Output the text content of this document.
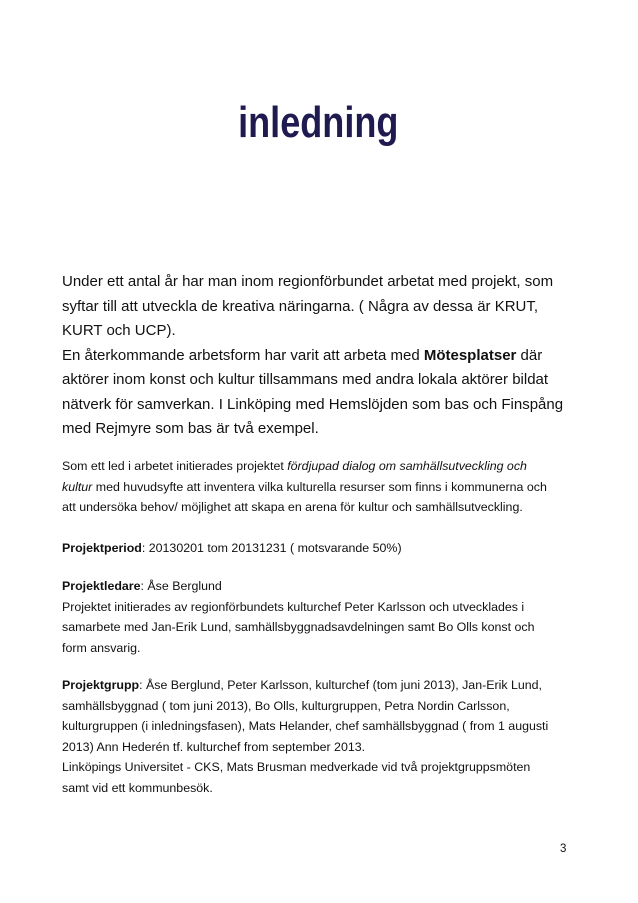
inledning
Under ett antal år har man inom regionförbundet arbetat med projekt, som
syftar till att utveckla de kreativa näringarna. ( Några av dessa är KRUT,
KURT och UCP).
En återkommande arbetsform har varit att arbeta med Mötesplatser där
aktörer inom konst och kultur tillsammans med andra lokala aktörer bildat
nätverk för samverkan. I Linköping med Hemslöjden som bas och Finspång
med Rejmyre som bas är två exempel.
Som ett led i arbetet initierades projektet fördjupad dialog om samhällsutveckling och
kultur med huvudsyfte att inventera vilka kulturella resurser som finns i kommunerna och
att undersöka behov/ möjlighet att skapa en arena för kultur och samhällsutveckling.
Projektperiod: 20130201 tom 20131231 ( motsvarande 50%)
Projektledare: Åse Berglund
Projektet initierades av regionförbundets kulturchef Peter Karlsson och utvecklades i
samarbete med Jan-Erik Lund, samhällsbyggnadsavdelningen samt Bo Olls konst och
form ansvarig.
Projektgrupp: Åse Berglund, Peter Karlsson, kulturchef (tom juni 2013), Jan-Erik Lund,
samhällsbyggnad ( tom juni 2013), Bo Olls, kulturgruppen, Petra Nordin Carlsson,
kulturgruppen (i inledningsfasen), Mats Helander, chef samhällsbyggnad ( from 1 augusti
2013) Ann Hederén tf. kulturchef from september 2013.
Linköpings Universitet - CKS, Mats Brusman medverkade vid två projektgruppsmöten
samt vid ett kommunbesök.
3
